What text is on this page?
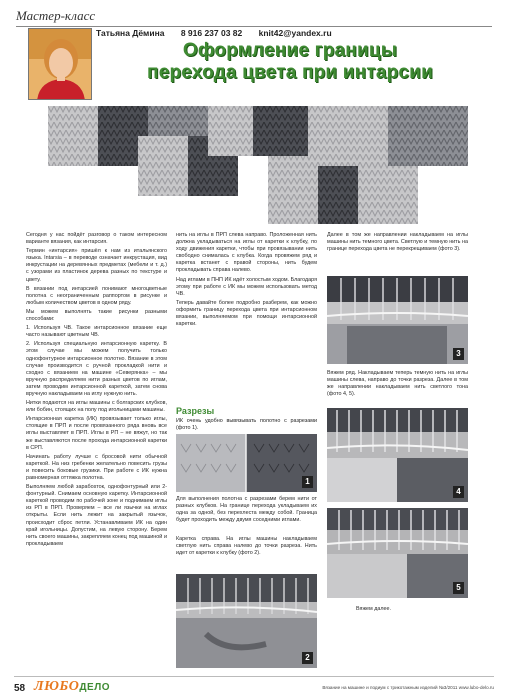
Мастер-класс
Татьяна Дёмина 8 916 237 03 82 knit42@yandex.ru
Оформление границы
перехода цвета при интарсии

Сегодня у нас пойдёт разговор о таком интересном варианте вязания, как интарсия.

Термин «интарсия» пришёл к нам из итальянского языка. Intarsia – в переводе означает инкрустация, вид инкрустации на деревянных предметах (мебели и т. д.) с узорами из пластинок дерева разных по текстуре и цвету.

В вязании под интарсией понимают многоцветные полотна с неограниченным раппортом в рисунке и любым количеством цветов в одном ряду.

Мы можем выполнять такие рисунки разными способами:

1. Используя ЧВ. Такое интарсионное вязание еще часто называют цветным ЧВ.

2. Используя специальную интарсионную каретку. В этом случае мы можем получить только однофонтурное интарсионное полотно. Вязание в этом случае производится с ручной прокладкой нити и сходно с вязанием на машине «Северянка» – мы вручную распределяем нити разных цветов по иглам, затем проводим интарсионной кареткой, затем снова вручную накладываем на иглу нужную нить.

Нитки подаются на иглы машины с болгарских клубков, или бобин, стоящих на полу под игольницами машины.

Интарсионная каретка (ИК) провязывает только иглы, стоящие в ПРП и после провязанного ряда вновь все иглы выставляет в ПРП. Иглы в РП – не вяжут, но так же выставляются после прохода интарсионной каретки в СРП.

Начинать работу лучше с бросовой нити обычной кареткой. На низ гребенки желательно повесить грузы и повесить боковые грузики. При работе с ИК нужна равномерная оттяжка полотна.

Выполняем любой зарабоsток, однофонтурный или 2-фонтурный. Снимаем основную каретку. Интарсионной кареткой проводим по рабочей зоне и поднимаем иглы из РП в ПРП. Проверяем – все ли язычки на иглах открыты. Если нить лежит на закрытый язычок, происходит сброс петли. Устанавливаем ИК на один край игольницы. Допустим, на левую сторону. Берем нить своего машины, закрепляем конец под машиной и прокладываем

нить на иглы в ПРП слева направо. Проложенная нить должна укладываться на иглы от каретки к клубку, по ходу движения каретки, чтобы при провязывании нить свободно снималась с клубка. Когда провяжем ряд и каретка встанет с правой стороны, нить будем прокладывать справа налево.

Над иглами в ПНП ИК идёт холостым ходом. Благодаря этому при работе с ИК мы можем использовать метод ЧВ.

Теперь давайте более подробно разберем, как можно оформить границу перехода цвета при интарсионном вязании, выполняемом при помощи интарсионной каретки.

Разрезы
ИК очень удобно вывязывать полотно с разрезами (фото 1).

Далее в том же направлении накладываем на иглы машины нить темного цвета. Светлую и темную нить на границе перехода цвета не перекрещиваем (фото 3).

1
Для выполнения полотна с разрезами берем нити от разных клубков. На границе перехода укладываем их одна за одной, без перехлеста между собой. Граница будет проходить между двумя соседними иглами.
Каретка справа. На иглы машины накладываем светлую нить справа налево до точки разреза. Нить идет от каретки к клубку (фото 2).
2
3
Вяжем ряд. Накладываем теперь темную нить на иглы машины слева, направо до точки разреза. Далее в том же направлении накладываем нить светлого тона (фото 4, 5).
4
5
Вяжем далее.
58 ЛЮБОДЕЛО	Вязание на машине и подиум с трикотажным изделий №3/2011 www.lubo-delo.ru
